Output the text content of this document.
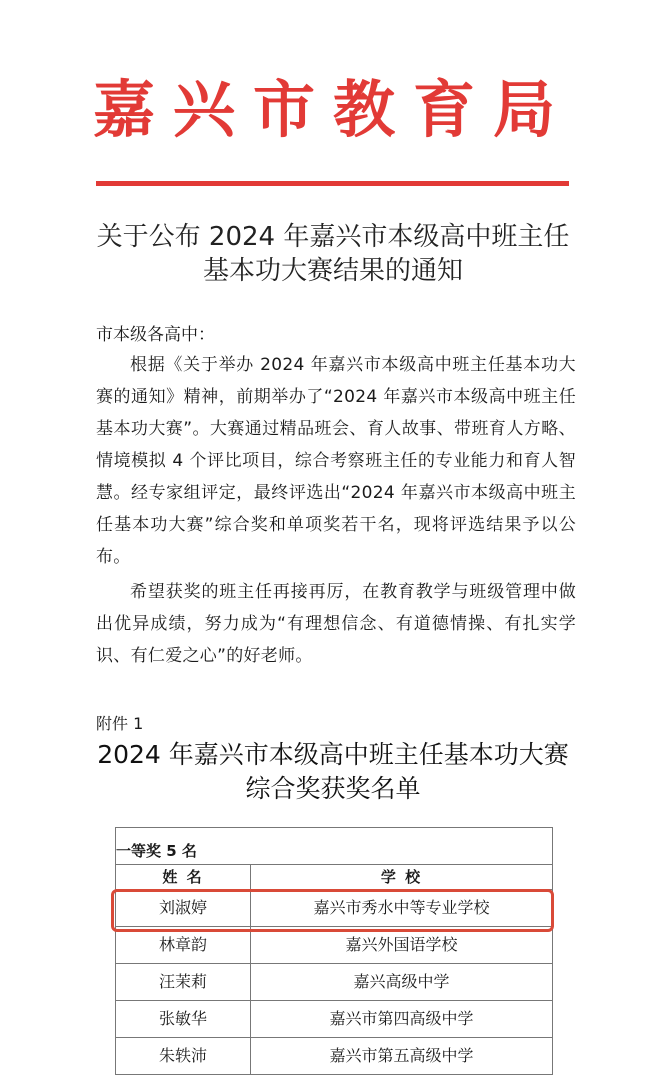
嘉兴市教育局
关于公布 2024 年嘉兴市本级高中班主任
基本功大赛结果的通知
市本级各高中：
根据《关于举办 2024 年嘉兴市本级高中班主任基本功大赛的通知》精神，前期举办了“2024 年嘉兴市本级高中班主任基本功大赛”。大赛通过精品班会、育人故事、带班育人方略、情境模拟 4 个评比项目，综合考察班主任的专业能力和育人智慧。经专家组评定，最终评选出“2024 年嘉兴市本级高中班主任基本功大赛”综合奖和单项奖若干名，现将评选结果予以公布。
希望获奖的班主任再接再厉，在教育教学与班级管理中做出优异成绩，努力成为“有理想信念、有道德情操、有扎实学识、有仁爱之心”的好老师。
附件 1
2024 年嘉兴市本级高中班主任基本功大赛
综合奖获奖名单
一等奖 5 名
姓 名	学 校
刘淑婷	嘉兴市秀水中等专业学校
林章韵	嘉兴外国语学校
汪茉莉	嘉兴高级中学
张敏华	嘉兴市第四高级中学
朱轶沛	嘉兴市第五高级中学
